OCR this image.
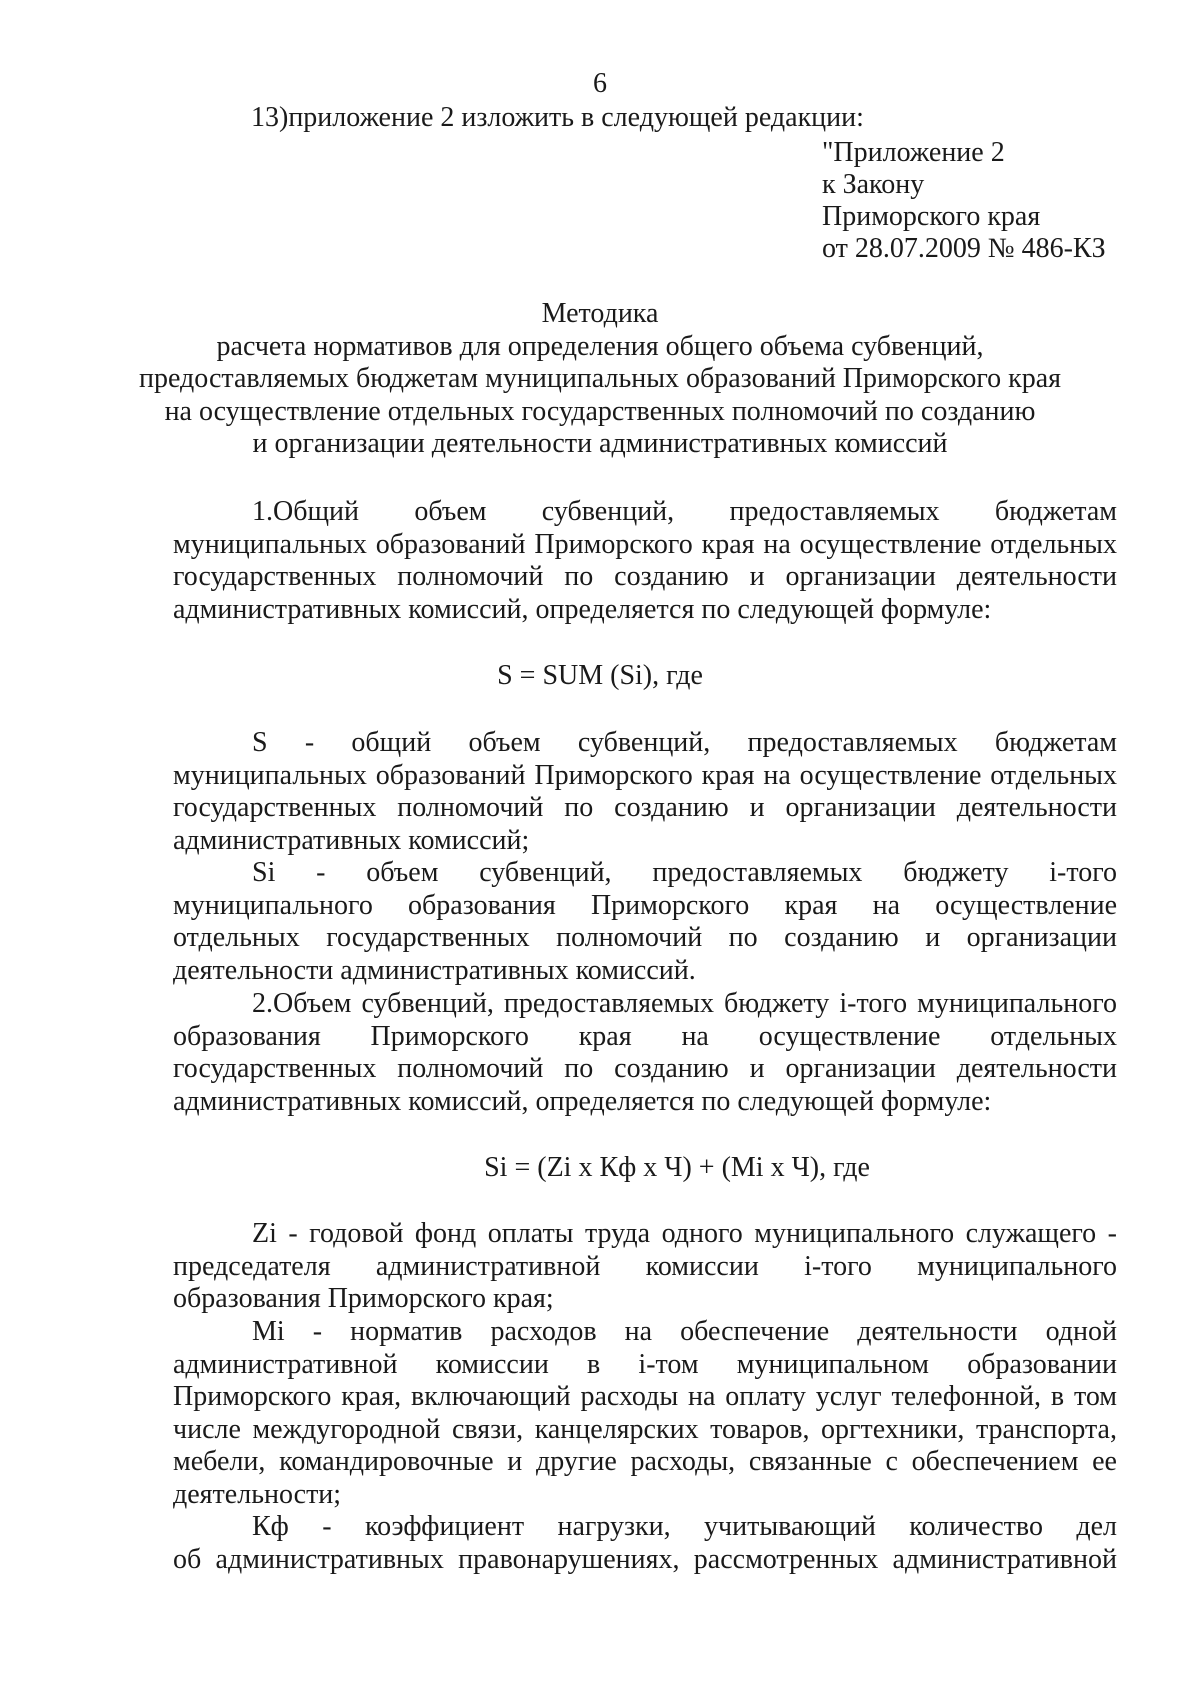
6
13)приложение 2 изложить в следующей редакции:
"Приложение 2
к Закону
Приморского края
от 28.07.2009 № 486-КЗ
Методика
расчета нормативов для определения общего объема субвенций,
предоставляемых бюджетам муниципальных образований Приморского края
на осуществление отдельных государственных полномочий по созданию
и организации деятельности административных комиссий
1.Общий объем субвенций, предоставляемых бюджетам
муниципальных образований Приморского края на осуществление отдельных
государственных полномочий по созданию и организации деятельности
административных комиссий, определяется по следующей формуле:
S = SUM (Si), где
S - общий объем субвенций, предоставляемых бюджетам
муниципальных образований Приморского края на осуществление отдельных
государственных полномочий по созданию и организации деятельности
административных комиссий;
Si - объем субвенций, предоставляемых бюджету i-того
муниципального образования Приморского края на осуществление
отдельных государственных полномочий по созданию и организации
деятельности административных комиссий.
2.Объем субвенций, предоставляемых бюджету i-того муниципального
образования Приморского края на осуществление отдельных
государственных полномочий по созданию и организации деятельности
административных комиссий, определяется по следующей формуле:
Si = (Zi x Кф x Ч) + (Mi x Ч), где
Zi - годовой фонд оплаты труда одного муниципального служащего -
председателя административной комиссии i-того муниципального
образования Приморского края;
Mi - норматив расходов на обеспечение деятельности одной
административной комиссии в i-том муниципальном образовании
Приморского края, включающий расходы на оплату услуг телефонной, в том
числе междугородной связи, канцелярских товаров, оргтехники, транспорта,
мебели, командировочные и другие расходы, связанные с обеспечением ее
деятельности;
Кф - коэффициент нагрузки, учитывающий количество дел
об административных правонарушениях, рассмотренных административной
